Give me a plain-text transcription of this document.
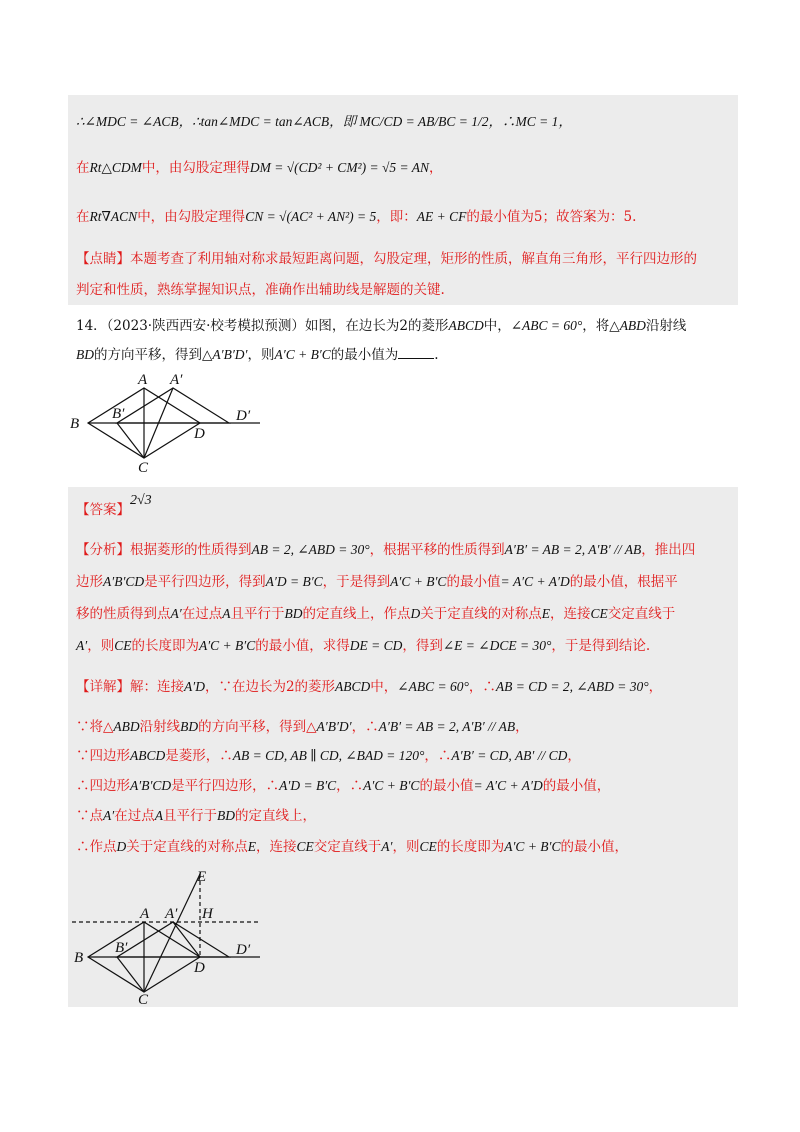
∴∠MDC = ∠ACB，∴tan∠MDC = tan∠ACB，即 MC/CD = AB/BC = 1/2，∴MC = 1，
在Rt△CDM中，由勾股定理得DM = √(CD² + CM²) = √5 = AN，
在Rt∇ACN中，由勾股定理得CN = √(AC² + AN²) = 5，即：AE + CF的最小值为5；故答案为：5.
【点睛】本题考查了利用轴对称求最短距离问题，勾股定理，矩形的性质，解直角三角形，平行四边形的
判定和性质，熟练掌握知识点，准确作出辅助线是解题的关键.
14．（2023·陕西西安·校考模拟预测）如图，在边长为2的菱形ABCD中，∠ABC = 60°，将△ABD沿射线
BD的方向平移，得到△A′B′D′，则A′C + B′C的最小值为	.
A A′
B
B′
D
D′
C
【答案】
2√3
【分析】根据菱形的性质得到AB = 2, ∠ABD = 30°，根据平移的性质得到A′B′ = AB = 2, A′B′ // AB，推出四
边形A′B′CD是平行四边形，得到A′D = B′C，于是得到A′C + B′C的最小值= A′C + A′D的最小值，根据平
移的性质得到点A′在过点A且平行于BD的定直线上，作点D关于定直线的对称点E，连接CE交定直线于
A′，则CE的长度即为A′C + B′C的最小值，求得DE = CD，得到∠E = ∠DCE = 30°，于是得到结论.
【详解】解：连接A′D，∵在边长为2的菱形ABCD中，∠ABC = 60°，∴AB = CD = 2, ∠ABD = 30°，
∵将△ABD沿射线BD的方向平移，得到△A′B′D′，∴A′B′ = AB = 2, A′B′ // AB，
∵四边形ABCD是菱形，∴AB = CD, AB ∥ CD, ∠BAD = 120°，∴A′B′ = CD, AB′ // CD，
∴四边形A′B′CD是平行四边形，∴A′D = B′C，∴A′C + B′C的最小值= A′C + A′D的最小值，
∵点A′在过点A且平行于BD的定直线上，
∴作点D关于定直线的对称点E，连接CE交定直线于A′，则CE的长度即为A′C + B′C的最小值，
E
A A′ H
B
B′
D
D′
C
